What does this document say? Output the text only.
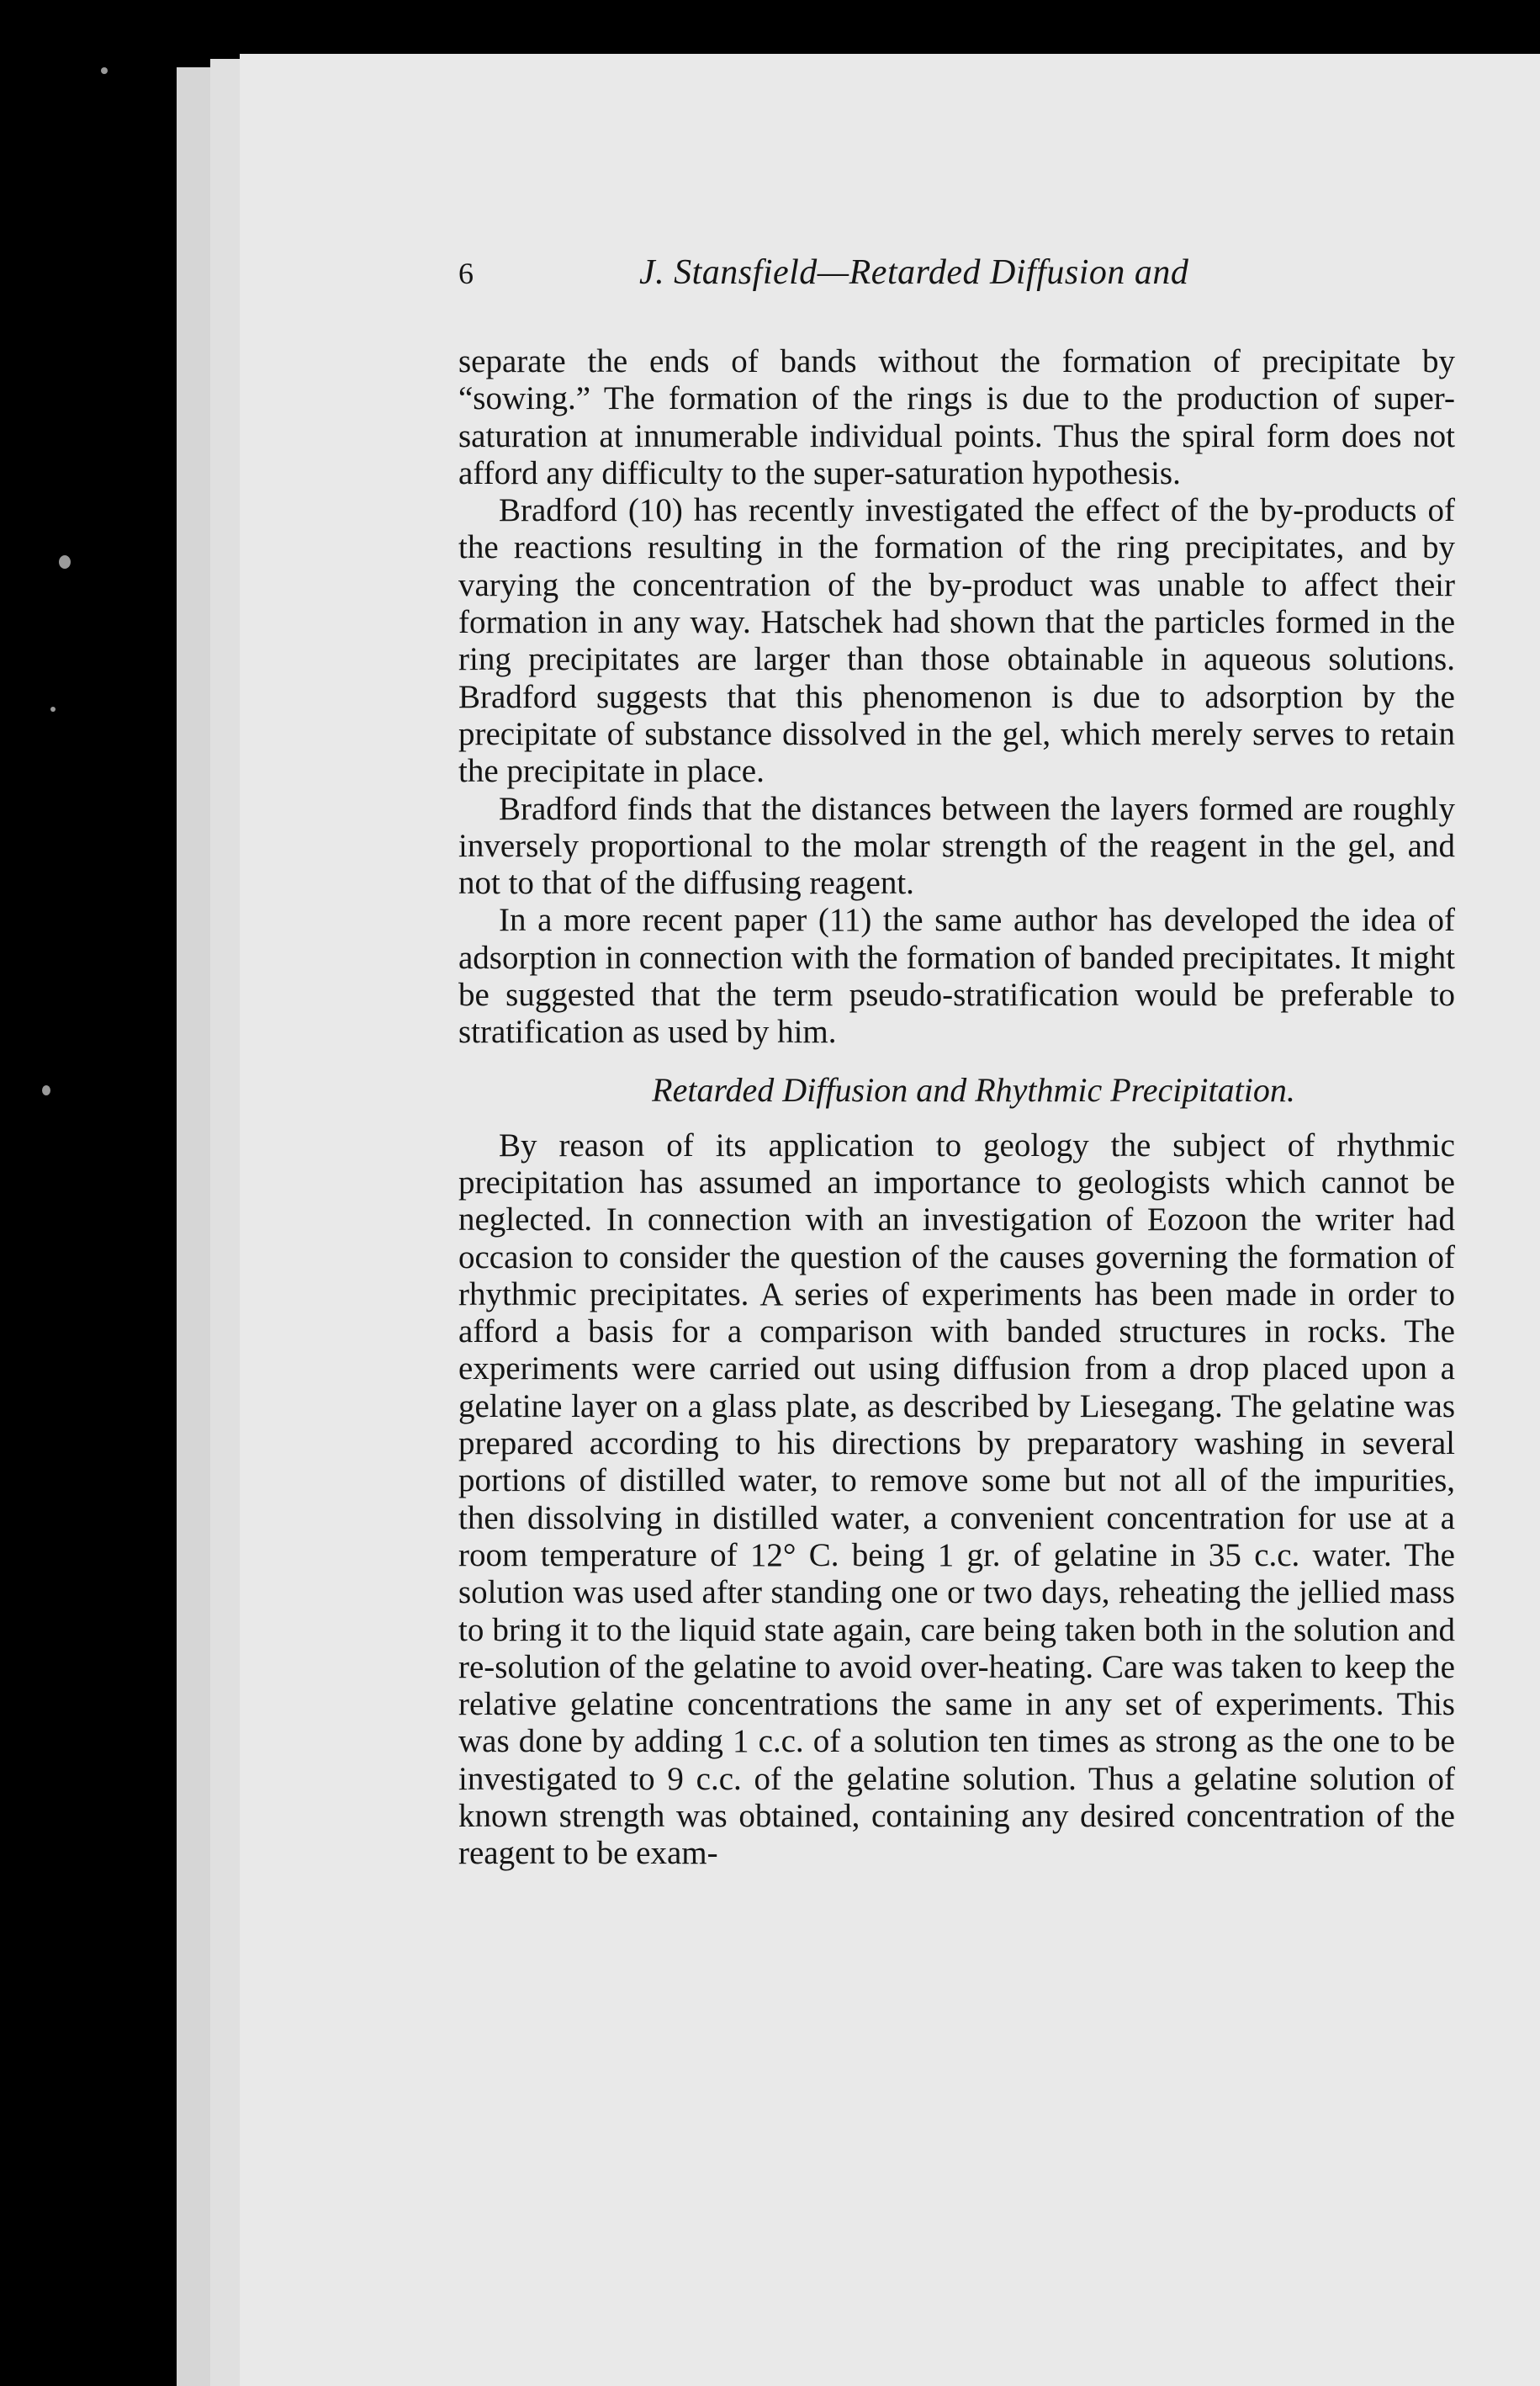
6	J. Stansfield—Retarded Diffusion and

separate the ends of bands without the formation of precipitate by “sowing.” The formation of the rings is due to the production of super-saturation at innumerable individual points. Thus the spiral form does not afford any difficulty to the super-saturation hypothesis.

Bradford (10) has recently investigated the effect of the by-products of the reactions resulting in the formation of the ring precipitates, and by varying the concentration of the by-product was unable to affect their formation in any way. Hatschek had shown that the particles formed in the ring precipitates are larger than those obtainable in aqueous solutions. Bradford suggests that this phenomenon is due to adsorption by the precipitate of substance dissolved in the gel, which merely serves to retain the precipitate in place.

Bradford finds that the distances between the layers formed are roughly inversely proportional to the molar strength of the reagent in the gel, and not to that of the diffusing reagent.

In a more recent paper (11) the same author has developed the idea of adsorption in connection with the formation of banded precipitates. It might be suggested that the term pseudo-stratification would be preferable to stratification as used by him.

Retarded Diffusion and Rhythmic Precipitation.

By reason of its application to geology the subject of rhythmic precipitation has assumed an importance to geologists which cannot be neglected. In connection with an investigation of Eozoon the writer had occasion to consider the question of the causes governing the formation of rhythmic precipitates. A series of experiments has been made in order to afford a basis for a comparison with banded structures in rocks. The experiments were carried out using diffusion from a drop placed upon a gelatine layer on a glass plate, as described by Liesegang. The gelatine was prepared according to his directions by preparatory washing in several portions of distilled water, to remove some but not all of the impurities, then dissolving in distilled water, a convenient concentration for use at a room temperature of 12° C. being 1 gr. of gelatine in 35 c.c. water. The solution was used after standing one or two days, reheating the jellied mass to bring it to the liquid state again, care being taken both in the solution and re-solution of the gelatine to avoid over-heating. Care was taken to keep the relative gelatine concentrations the same in any set of experiments. This was done by adding 1 c.c. of a solution ten times as strong as the one to be investigated to 9 c.c. of the gelatine solution. Thus a gelatine solution of known strength was obtained, containing any desired concentration of the reagent to be exam-
